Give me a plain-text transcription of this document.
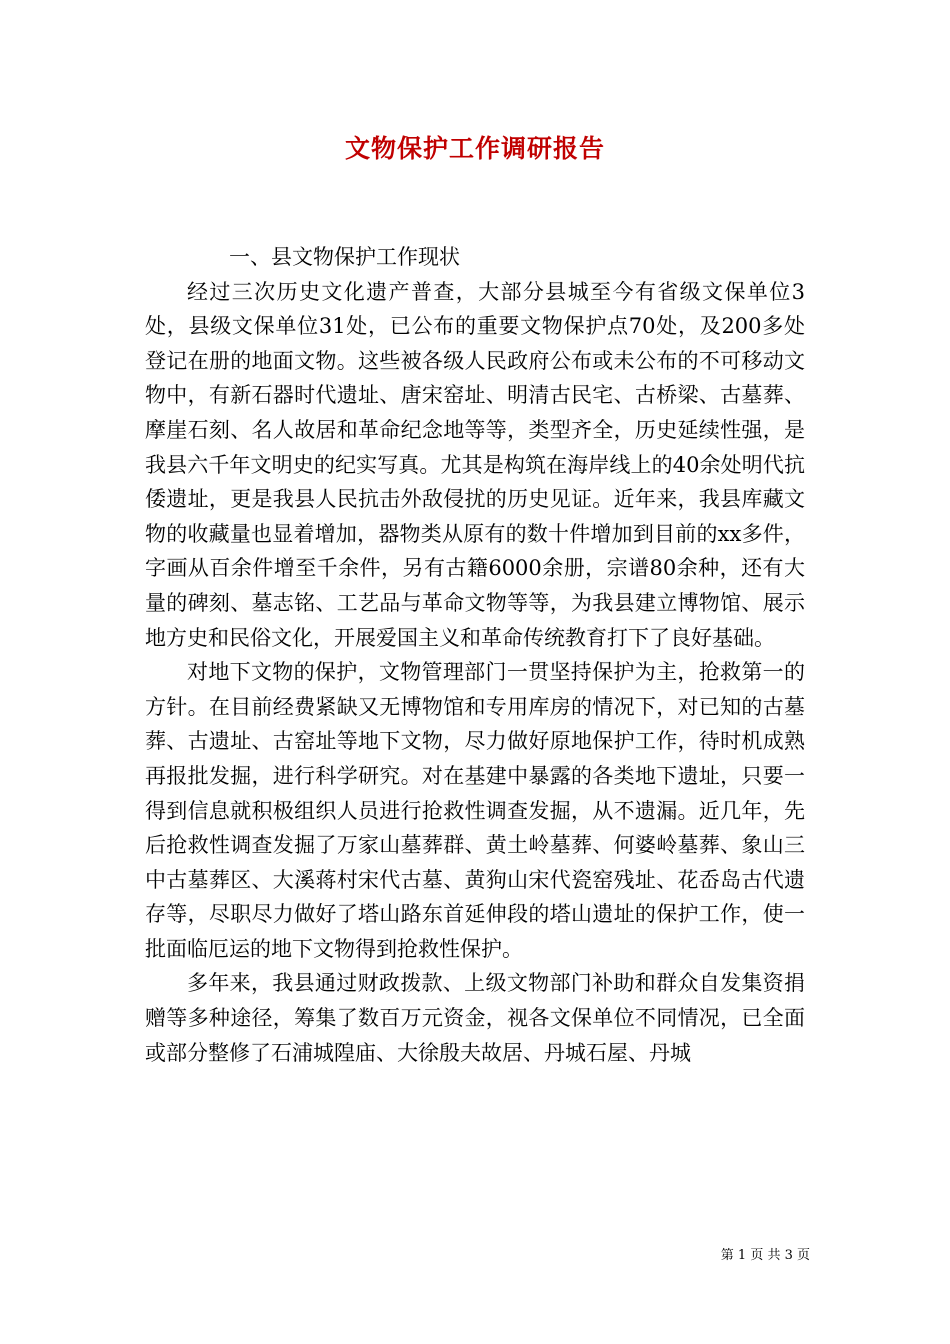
文物保护工作调研报告

一、县文物保护工作现状

经过三次历史文化遗产普查，大部分县城至今有省级文保单位3处，县级文保单位31处，已公布的重要文物保护点70处，及200多处登记在册的地面文物。这些被各级人民政府公布或未公布的不可移动文物中，有新石器时代遗址、唐宋窑址、明清古民宅、古桥梁、古墓葬、摩崖石刻、名人故居和革命纪念地等等，类型齐全，历史延续性强，是我县六千年文明史的纪实写真。尤其是构筑在海岸线上的40余处明代抗倭遗址，更是我县人民抗击外敌侵扰的历史见证。近年来，我县库藏文物的收藏量也显着增加，器物类从原有的数十件增加到目前的xx多件，字画从百余件增至千余件，另有古籍6000余册，宗谱80余种，还有大量的碑刻、墓志铭、工艺品与革命文物等等，为我县建立博物馆、展示地方史和民俗文化，开展爱国主义和革命传统教育打下了良好基础。

对地下文物的保护，文物管理部门一贯坚持保护为主，抢救第一的方针。在目前经费紧缺又无博物馆和专用库房的情况下，对已知的古墓葬、古遗址、古窑址等地下文物，尽力做好原地保护工作，待时机成熟再报批发掘，进行科学研究。对在基建中暴露的各类地下遗址，只要一得到信息就积极组织人员进行抢救性调查发掘，从不遗漏。近几年，先后抢救性调查发掘了万家山墓葬群、黄土岭墓葬、何婆岭墓葬、象山三中古墓葬区、大溪蒋村宋代古墓、黄狗山宋代瓷窑残址、花岙岛古代遗存等，尽职尽力做好了塔山路东首延伸段的塔山遗址的保护工作，使一批面临厄运的地下文物得到抢救性保护。

多年来，我县通过财政拨款、上级文物部门补助和群众自发集资捐赠等多种途径，筹集了数百万元资金，视各文保单位不同情况，已全面或部分整修了石浦城隍庙、大徐殷夫故居、丹城石屋、丹城

第 1 页 共 3 页
